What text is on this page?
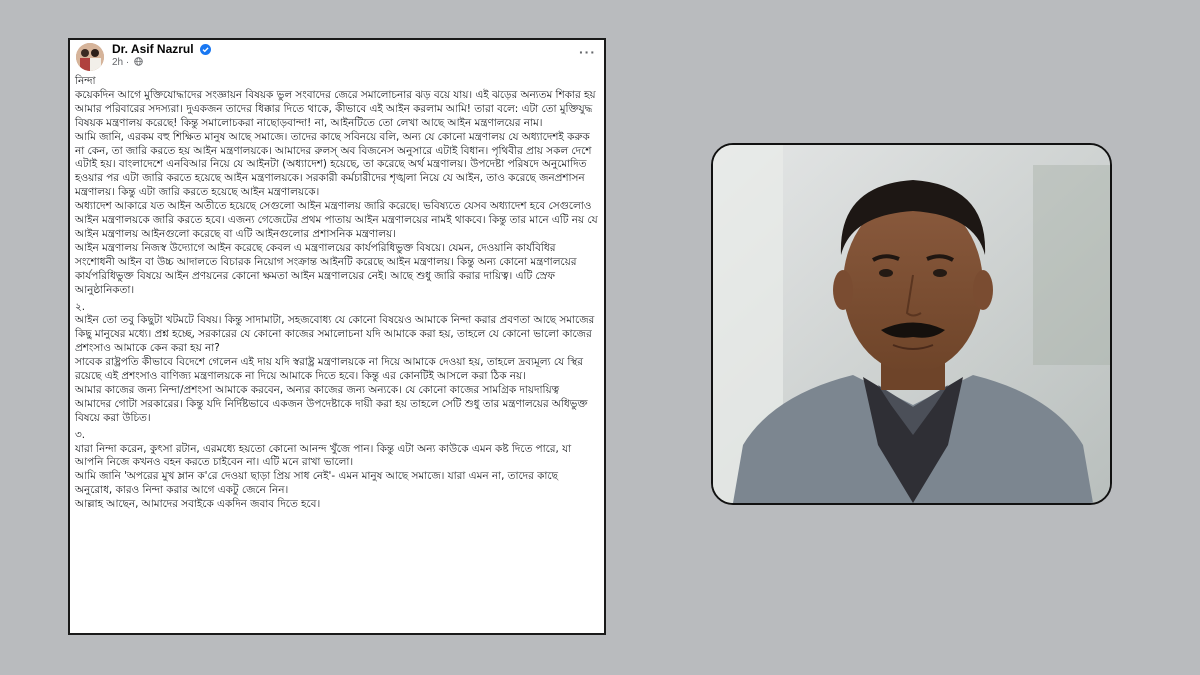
Dr. Asif Nazrul
2h ·
···

নিন্দা

কয়েকদিন আগে মুক্তিযোদ্ধাদের সংজ্ঞায়ন বিষয়ক ভুল সংবাদের জেরে সমালোচনার ঝড় বয়ে যায়। এই ঝড়ের অন্যতম শিকার হয় আমার পরিবারের সদস্যরা। দুএকজন তাদের ধিক্কার দিতে থাকে, কীভাবে এই আইন করলাম আমি! তারা বলে: এটা তো মুক্তিযুদ্ধ বিষয়ক মন্ত্রণালয় করেছে! কিন্তু সমালোচকরা নাছোড়বান্দা! না, আইনটিতে তো লেখা আছে আইন মন্ত্রণালয়ের নাম।

আমি জানি, এরকম বহু শিক্ষিত মানুষ আছে সমাজে। তাদের কাছে সবিনয়ে বলি, অন্য যে কোনো মন্ত্রণালয় যে অধ্যাদেশই করুক না কেন, তা জারি করতে হয় আইন মন্ত্রণালয়কে। আমাদের রুলস্ অব বিজনেস অনুসারে এটাই বিধান। পৃথিবীর প্রায় সকল দেশে এটাই হয়। বাংলাদেশে এনবিআর নিয়ে যে আইনটা (অধ্যাদেশ) হয়েছে, তা করেছে অর্থ মন্ত্রণালয়। উপদেষ্টা পরিষদে অনুমোদিত হওয়ার পর এটা জারি করতে হয়েছে আইন মন্ত্রণালয়কে। সরকারী কর্মচারীদের শৃঙ্খলা নিয়ে যে আইন, তাও করেছে জনপ্রশাসন মন্ত্রণালয়। কিন্তু এটা জারি করতে হয়েছে আইন মন্ত্রণালয়কে।

অধ্যাদেশ আকারে যত আইন অতীতে হয়েছে সেগুলো আইন মন্ত্রণালয় জারি করেছে। ভবিষ্যতে যেসব অধ্যাদেশ হবে সেগুলোও আইন মন্ত্রণালয়কে জারি করতে হবে। এজন্য গেজেটের প্রথম পাতায় আইন মন্ত্রণালয়ের নামই থাকবে। কিন্তু তার মানে এটি নয় যে আইন মন্ত্রণালয় আইনগুলো করেছে বা এটি আইনগুলোর প্রশাসনিক মন্ত্রণালয়।

আইন মন্ত্রণালয় নিজস্ব উদ্যোগে আইন করেছে কেবল এ মন্ত্রণালয়ের কার্যপরিধিভুক্ত বিষয়ে। যেমন, দেওয়ানি কার্যবিধির সংশোধনী আইন বা উচ্চ আদালতে বিচারক নিয়োগ সংক্রান্ত আইনটি করেছে আইন মন্ত্রণালয়। কিন্তু অন্য কোনো মন্ত্রণালয়ের কার্যপরিধিভুক্ত বিষয়ে আইন প্রণয়নের কোনো ক্ষমতা আইন মন্ত্রণালয়ের নেই। আছে শুধু জারি করার দায়িত্ব। এটি স্রেফ আনুষ্ঠানিকতা।

২.

আইন তো তবু কিছুটা খটমটে বিষয়। কিন্তু সাদামাটা, সহজবোধ্য যে কোনো বিষয়েও আমাকে নিন্দা করার প্রবণতা আছে সমাজের কিছু মানুষের মধ্যে। প্রশ্ন হচ্ছে, সরকারের যে কোনো কাজের সমালোচনা যদি আমাকে করা হয়, তাহলে যে কোনো ভালো কাজের প্রশংসাও আমাকে কেন করা হয় না?

সাবেক রাষ্ট্রপতি কীভাবে বিদেশে গেলেন এই দায় যদি স্বরাষ্ট্র মন্ত্রণালয়কে না দিয়ে আমাকে দেওয়া হয়, তাহলে দ্রব্যমূল্য যে স্থির রয়েছে এই প্রশংসাও বাণিজ্য মন্ত্রণালয়কে না দিয়ে আমাকে দিতে হবে। কিন্তু এর কোনটিই আসলে করা ঠিক নয়।

আমার কাজের জন্য নিন্দা/প্রশংসা আমাকে করবেন, অন্যর কাজের জন্য অন্যকে। যে কোনো কাজের সামগ্রিক দায়দায়িত্ব আমাদের গোটা সরকারের। কিন্তু যদি নির্দিষ্টভাবে একজন উপদেষ্টাকে দায়ী করা হয় তাহলে সেটি শুধু তার মন্ত্রণালয়ের অধিভুক্ত বিষয়ে করা উচিত।

৩.

যারা নিন্দা করেন, কুৎসা রটান, এরমধ্যে হয়তো কোনো আনন্দ খুঁজে পান। কিন্তু এটা অন্য কাউকে এমন কষ্ট দিতে পারে, যা আপনি নিজে কখনও বহন করতে চাইবেন না। এটি মনে রাখা ভালো।

আমি জানি 'অপরের মুখ ম্লান ক'রে দেওয়া ছাড়া প্রিয় সাধ নেই'- এমন মানুষ আছে সমাজে। যারা এমন না, তাদের কাছে অনুরোধ, কারও নিন্দা করার আগে একটু জেনে নিন।

আল্লাহ আছেন, আমাদের সবাইকে একদিন জবাব দিতে হবে।
